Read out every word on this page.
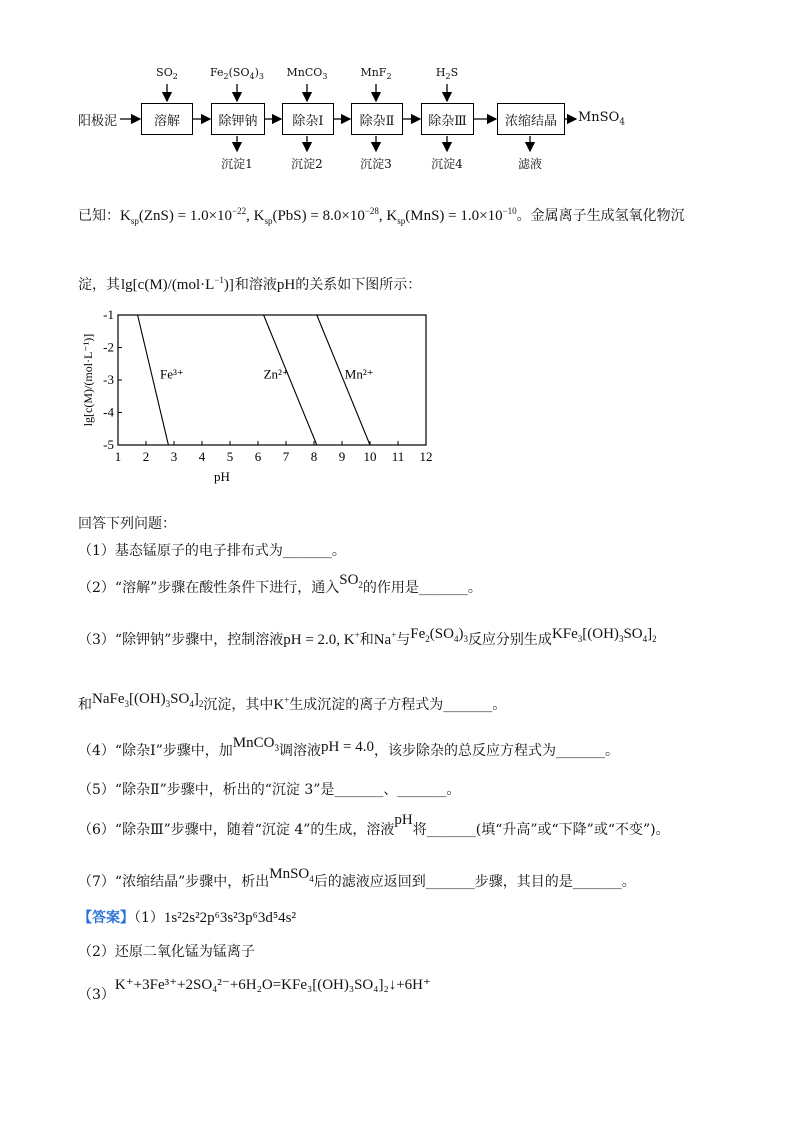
阳极泥	溶解	除钾钠	除杂Ⅰ	除杂Ⅱ	除杂Ⅲ	浓缩结晶	MnSO$_4$
$SO_2$	$Fe_2(SO_4)_3$	MnCO$_3$	MnF$_2$	$H_2S$
沉淀1	沉淀2	沉淀3	沉淀4	滤液
已知：$K_{sp}(ZnS) = 1.0\times 10^{-22}$, $K_{sp}(PbS) = 8.0\times 10^{-28}$, $K_{sp}(MnS) = 1.0\times 10^{-10}$。金属离子生成氢氧化物沉
淀，其$\lg[c(M)/(mol\cdot L^{-1})]$和溶液pH的关系如下图所示：
1 2 3 4 5 6 7 8 9 10 11 12
-1
-2
-3
-4
-5
pH
lg[c(M)/(mol·L⁻¹)]	Fe³⁺	Zn²⁺	Mn²⁺
回答下列问题：
（1）基态锰原子的电子排布式为_______。
（2）“溶解”步骤在酸性条件下进行，通入$SO_2$的作用是_______。
（3）“除钾钠”步骤中，控制溶液pH = 2.0, K+和Na+与$Fe_2(SO_4)_3$反应分别生成$KFe_3[(OH)_3SO_4]_2$
和$NaFe_3[(OH)_3SO_4]_2$沉淀，其中K+生成沉淀的离子方程式为_______。
（4）“除杂Ⅰ”步骤中，加MnCO$_3$调溶液pH = 4.0，该步除杂的总反应方程式为_______。
（5）“除杂Ⅱ”步骤中，析出的“沉淀 3”是_______、_______。
（6）“除杂Ⅲ”步骤中，随着“沉淀 4”的生成，溶液pH将_______(填“升高”或“下降”或“不变”)。
（7）“浓缩结晶”步骤中，析出MnSO$_4$后的滤液应返回到_______步骤，其目的是_______。
【答案】（1）1s²2s²2p⁶3s²3p⁶3d⁵4s²
（2）还原二氧化锰为锰离子
（3）K⁺+3Fe³⁺+2SO₄²⁻+6H₂O=KFe₃[(OH)₃SO₄]₂↓+6H⁺
